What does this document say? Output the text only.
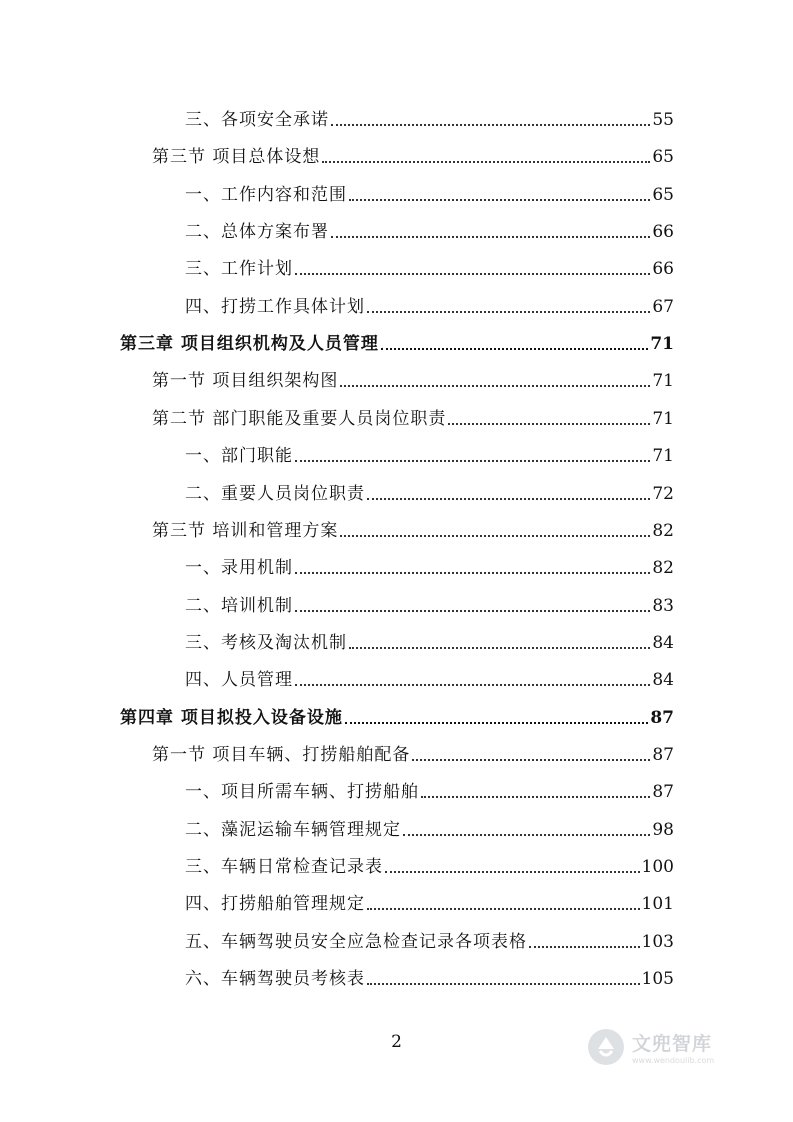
三、各项安全承诺	55
第三节 项目总体设想	65
一、工作内容和范围	65
二、总体方案布署	66
三、工作计划	66
四、打捞工作具体计划	67
第三章 项目组织机构及人员管理	71
第一节 项目组织架构图	71
第二节 部门职能及重要人员岗位职责	71
一、部门职能	71
二、重要人员岗位职责	72
第三节 培训和管理方案	82
一、录用机制	82
二、培训机制	83
三、考核及淘汰机制	84
四、人员管理	84
第四章 项目拟投入设备设施	87
第一节 项目车辆、打捞船舶配备	87
一、项目所需车辆、打捞船舶	87
二、藻泥运输车辆管理规定	98
三、车辆日常检查记录表	100
四、打捞船舶管理规定	101
五、车辆驾驶员安全应急检查记录各项表格	103
六、车辆驾驶员考核表	105
2	文兜智库
www.wendoulib.com
